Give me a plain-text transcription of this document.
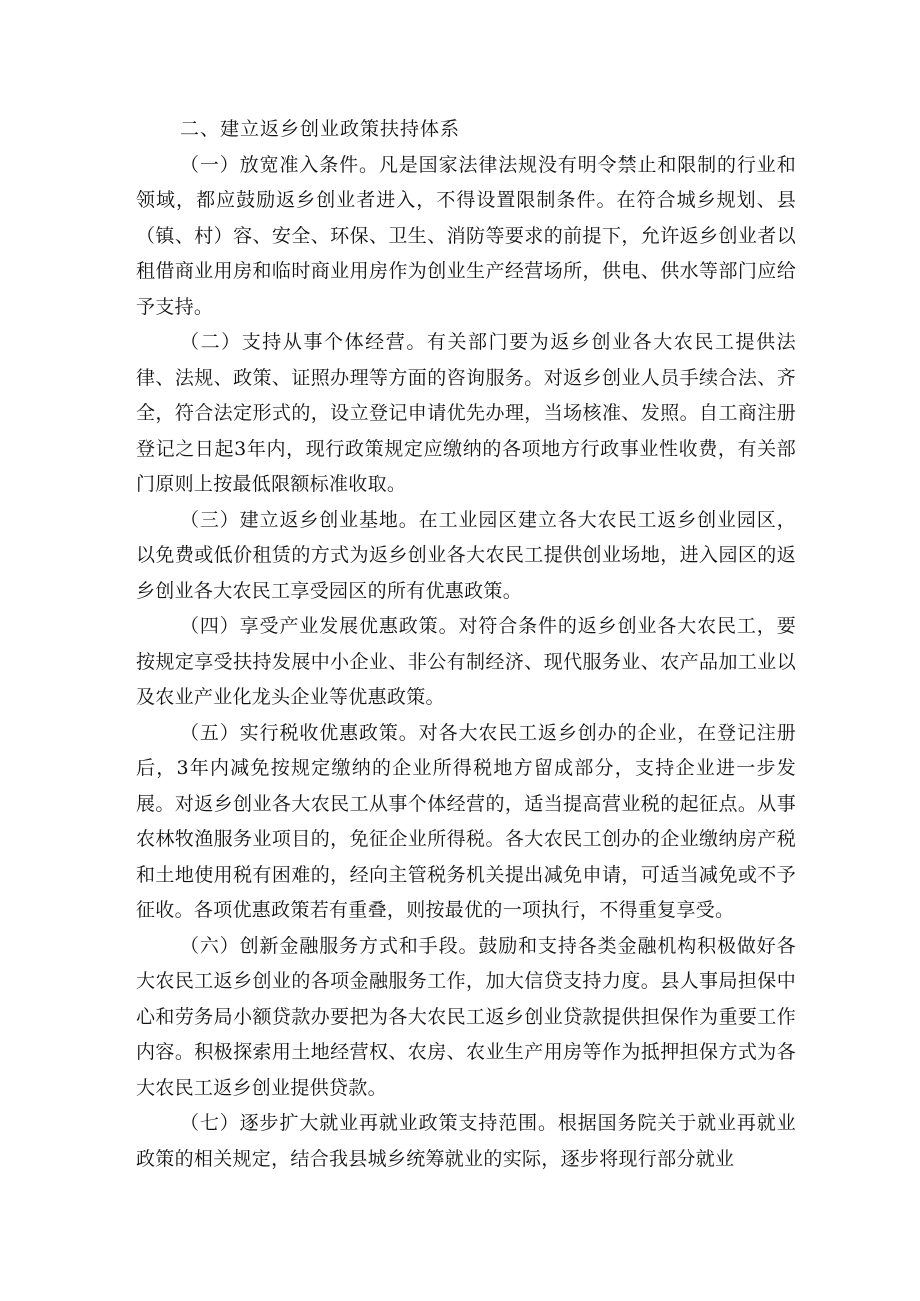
二、建立返乡创业政策扶持体系

（一）放宽准入条件。凡是国家法律法规没有明令禁止和限制的行业和领域，都应鼓励返乡创业者进入，不得设置限制条件。在符合城乡规划、县（镇、村）容、安全、环保、卫生、消防等要求的前提下，允许返乡创业者以租借商业用房和临时商业用房作为创业生产经营场所，供电、供水等部门应给予支持。

（二）支持从事个体经营。有关部门要为返乡创业各大农民工提供法律、法规、政策、证照办理等方面的咨询服务。对返乡创业人员手续合法、齐全，符合法定形式的，设立登记申请优先办理，当场核准、发照。自工商注册登记之日起3年内，现行政策规定应缴纳的各项地方行政事业性收费，有关部门原则上按最低限额标准收取。

（三）建立返乡创业基地。在工业园区建立各大农民工返乡创业园区，以免费或低价租赁的方式为返乡创业各大农民工提供创业场地，进入园区的返乡创业各大农民工享受园区的所有优惠政策。

（四）享受产业发展优惠政策。对符合条件的返乡创业各大农民工，要按规定享受扶持发展中小企业、非公有制经济、现代服务业、农产品加工业以及农业产业化龙头企业等优惠政策。

（五）实行税收优惠政策。对各大农民工返乡创办的企业，在登记注册后，3年内减免按规定缴纳的企业所得税地方留成部分，支持企业进一步发展。对返乡创业各大农民工从事个体经营的，适当提高营业税的起征点。从事农林牧渔服务业项目的，免征企业所得税。各大农民工创办的企业缴纳房产税和土地使用税有困难的，经向主管税务机关提出减免申请，可适当减免或不予征收。各项优惠政策若有重叠，则按最优的一项执行，不得重复享受。

（六）创新金融服务方式和手段。鼓励和支持各类金融机构积极做好各大农民工返乡创业的各项金融服务工作，加大信贷支持力度。县人事局担保中心和劳务局小额贷款办要把为各大农民工返乡创业贷款提供担保作为重要工作内容。积极探索用土地经营权、农房、农业生产用房等作为抵押担保方式为各大农民工返乡创业提供贷款。

（七）逐步扩大就业再就业政策支持范围。根据国务院关于就业再就业政策的相关规定，结合我县城乡统筹就业的实际，逐步将现行部分就业
